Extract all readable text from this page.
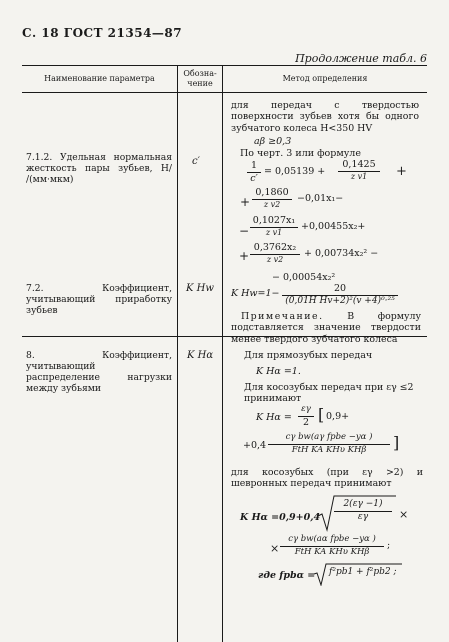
С. 18 ГОСТ 21354—87
Продолжение табл. 6
Наименование параметра
Обозна-
чение
Метод определения
7.1.2. Удельная нормальная жесткость пары зубьев, Н/ /(мм·мкм)
c′
для передач с твердостью поверхности зубьев хотя бы одного зубчатого колеса H<350 HV
aβ ≥0,3
По черт. 3 или формуле
1
c′
= 0,05139 +
0,1425
z v1	+
+
0,1860
z v2
−0,01x₁−
−
0,1027x₁
z v1
+0,00455x₂+
+
0,3762x₂
z v2
+ 0,00734x₂² −
− 0,00054x₂²
7.2. Коэффициент, учитывающий приработку зубьев
K Hw K Hw=1−	20
(0,01H Hv+2)²(v +4)⁰·²⁵
Примечание.	В формулу подставляется значение твердости менее твердого зубчатого колеса
8. Коэффициент, учитывающий распределение нагрузки между зубьями
K Hα	Для прямозубых передач
K Hα =1.
Для косозубых передач при εγ ≤2 принимают
K Hα =
εγ
2 [ 0,9+
+0,4
cγ bw(aγ fpbe −yα )
FtH KA KHυ KHβ	]
для косозубых (при εγ >2) и шевронных передач принимают
K Hα =0,9+0,4
2(εγ −1)
εγ	×
×
cγ bw(aα fpbe −yα )
FtH KA KHυ KHβ
;
где fpbα = f²pb1 + f²pb2 ;
